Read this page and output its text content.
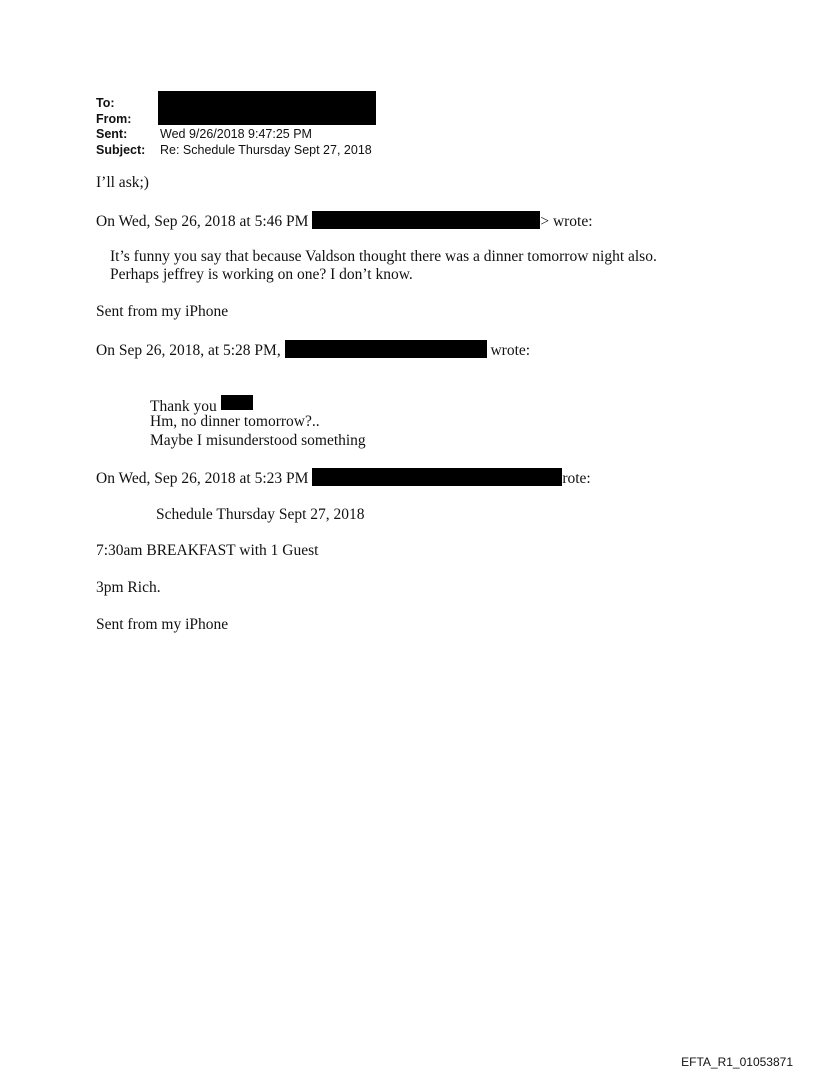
To:
From:
Sent:	Wed 9/26/2018 9:47:25 PM
Subject:	Re: Schedule Thursday Sept 27, 2018
I’ll ask;)
On Wed, Sep 26, 2018 at 5:46 PM	> wrote:
It’s funny you say that because Valdson thought there was a dinner tomorrow night also.
Perhaps jeffrey is working on one? I don’t know.
Sent from my iPhone
On Sep 26, 2018, at 5:28 PM,	wrote:
Thank you
Hm, no dinner tomorrow?..
Maybe I misunderstood something
On Wed, Sep 26, 2018 at 5:23 PM	rote:
Schedule Thursday Sept 27, 2018
7:30am BREAKFAST with 1 Guest
3pm Rich.
Sent from my iPhone
EFTA_R1_01053871
